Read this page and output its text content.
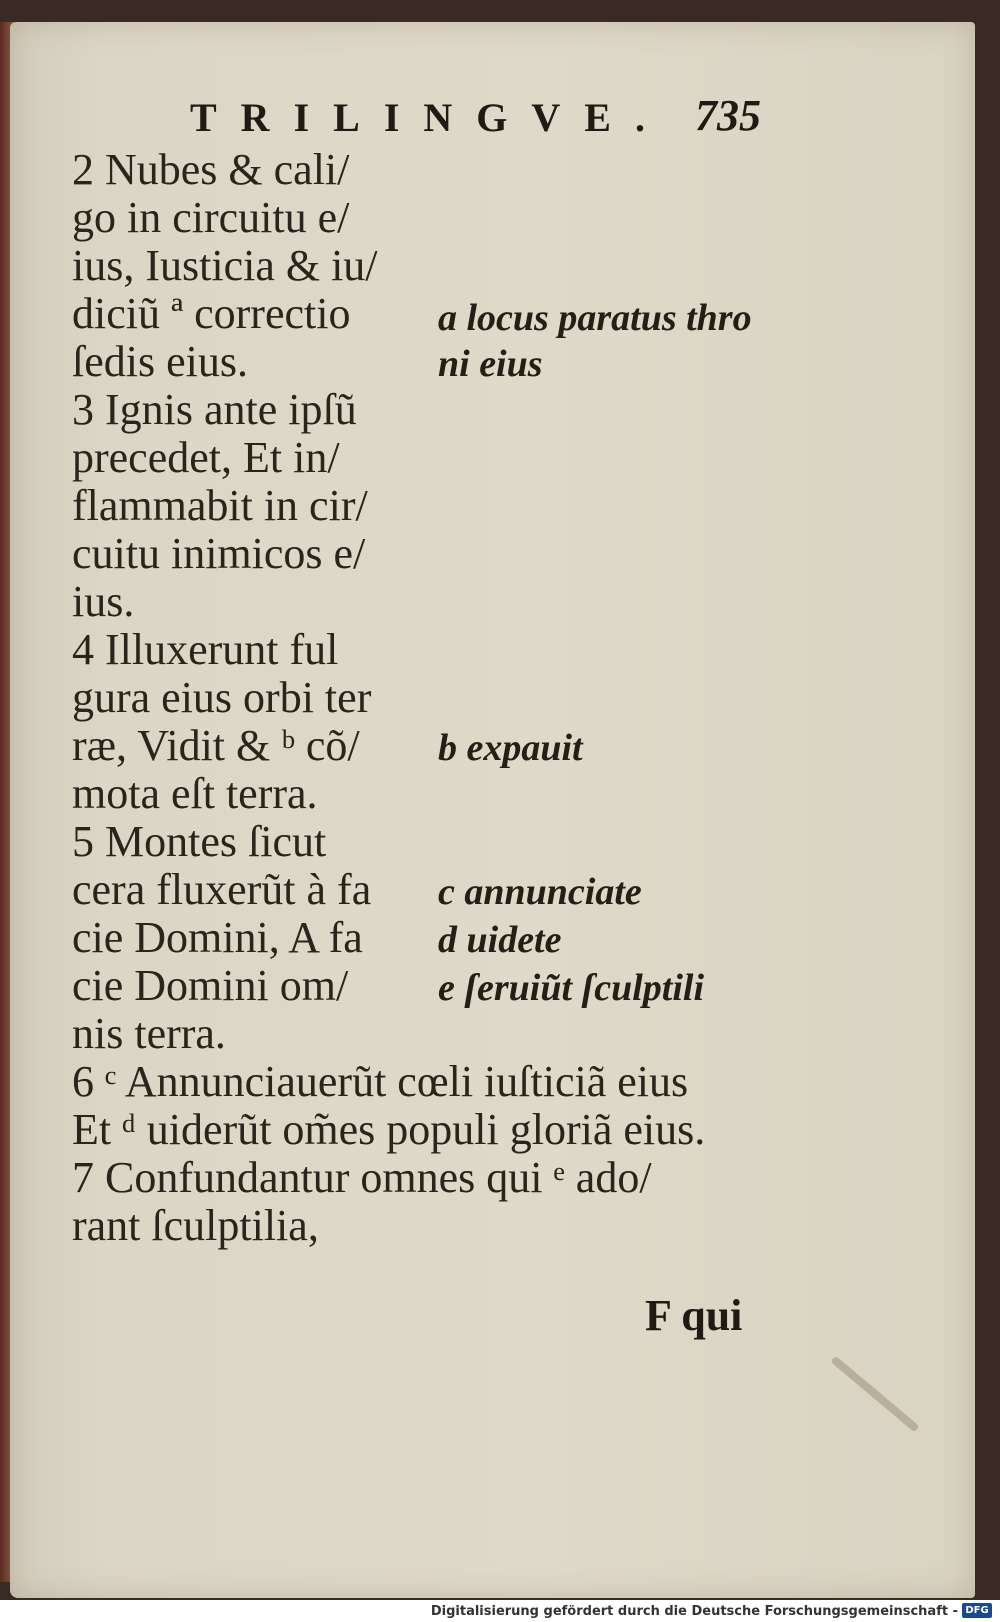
TRILINGVE. 735
2 Nubes & cali/
go in circuitu e/
ius, Iusticia & iu/
diciũ ª correctio
ſedis eius.
3 Ignis ante ipſũ
precedet, Et in/
flammabit in cir/
cuitu inimicos e/
ius.
4 Illuxerunt ful
gura eius orbi ter
ræ, Vidit & ᵇ cõ/
mota eſt terra.
5 Montes ſicut
cera fluxerũt à fa
cie Domini, A fa
cie Domini om/
nis terra.
6 ᶜ Annunciauerũt cœli iuſticiã eius
Et ᵈ uiderũt om̃es populi gloriã eius.
7 Confundantur omnes qui ᵉ ado/
rant ſculptilia,
a locus paratus thro
ni eius
b expauit
c annunciate
d uidete
e ſeruiũt ſculptili
F qui
Digitalisierung gefördert durch die Deutsche Forschungsgemeinschaft - DFG
